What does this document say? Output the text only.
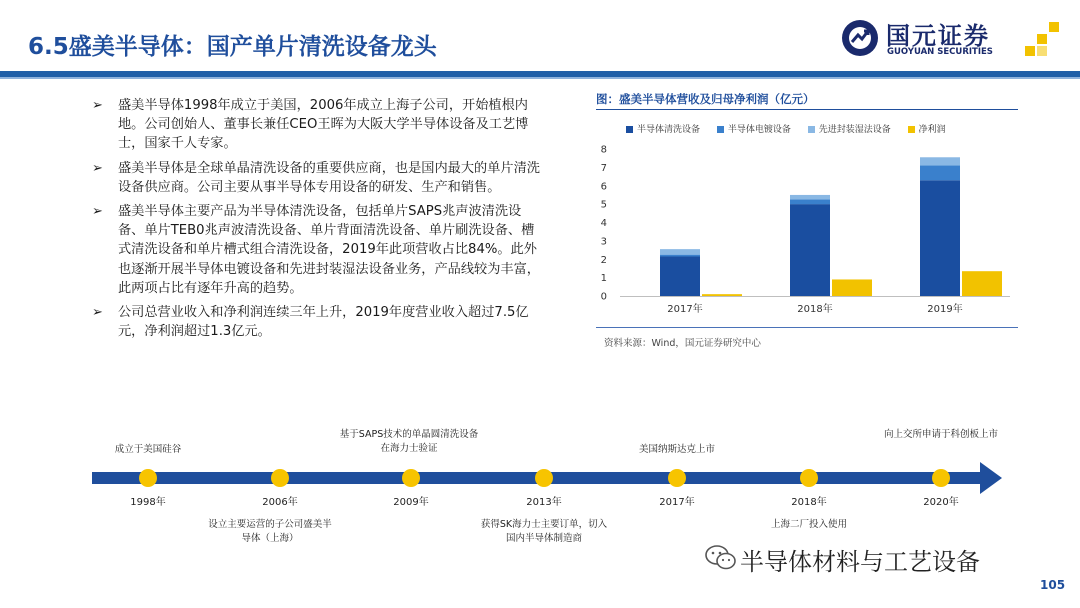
6.5盛美半导体：国产单片清洗设备龙头	国元证券
GUOYUAN SECURITIES
➢ 盛美半导体1998年成立于美国，2006年成立上海子公司，开始植根内地。公司创始人、董事长兼任CEO王晖为大阪大学半导体设备及工艺博士，国家千人专家。
➢ 盛美半导体是全球单晶清洗设备的重要供应商，也是国内最大的单片清洗设备供应商。公司主要从事半导体专用设备的研发、生产和销售。
➢ 盛美半导体主要产品为半导体清洗设备，包括单片SAPS兆声波清洗设备、单片TEB0兆声波清洗设备、单片背面清洗设备、单片刷洗设备、槽式清洗设备和单片槽式组合清洗设备，2019年此项营收占比84%。此外也逐渐开展半导体电镀设备和先进封装湿法设备业务，产品线较为丰富，此两项占比有逐年升高的趋势。
➢ 公司总营业收入和净利润连续三年上升，2019年度营业收入超过7.5亿元，净利润超过1.3亿元。
图：盛美半导体营收及归母净利润（亿元）
半导体清洗设备	半导体电镀设备	先进封装湿法设备	净利润
0
1
2
3
4
5
6
7
8
2017年	2018年	2019年
资料来源：Wind，国元证券研究中心
1998年	2006年	2009年	2013年	2017年	2018年	2020年
成立于美国硅谷
基于SAPS技术的单晶圆清洗设备
在海力士验证	美国纳斯达克上市
向上交所申请于科创板上市
设立主要运营的子公司盛美半
导体（上海）
获得SK海力士主要订单，切入
国内半导体制造商
上海二厂投入使用
半导体材料与工艺设备
105
